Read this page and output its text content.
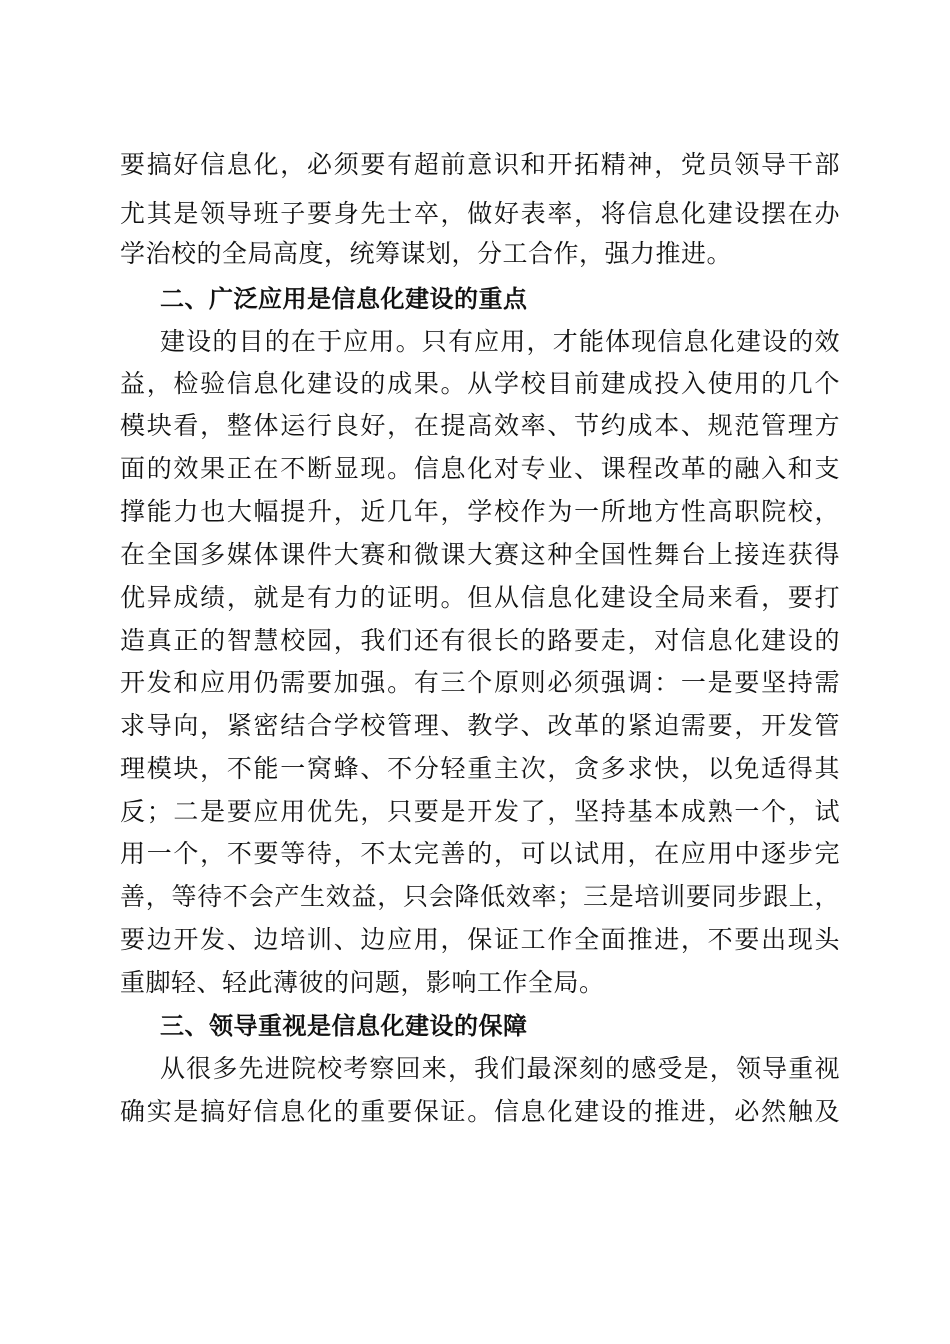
要搞好信息化，必须要有超前意识和开拓精神，党员领导干部
尤其是领导班子要身先士卒，做好表率，将信息化建设摆在办
学治校的全局高度，统筹谋划，分工合作，强力推进。
二、广泛应用是信息化建设的重点
建设的目的在于应用。只有应用，才能体现信息化建设的效
益，检验信息化建设的成果。从学校目前建成投入使用的几个
模块看，整体运行良好，在提高效率、节约成本、规范管理方
面的效果正在不断显现。信息化对专业、课程改革的融入和支
撑能力也大幅提升，近几年，学校作为一所地方性高职院校，
在全国多媒体课件大赛和微课大赛这种全国性舞台上接连获得
优异成绩，就是有力的证明。但从信息化建设全局来看，要打
造真正的智慧校园，我们还有很长的路要走，对信息化建设的
开发和应用仍需要加强。有三个原则必须强调：一是要坚持需
求导向，紧密结合学校管理、教学、改革的紧迫需要，开发管
理模块，不能一窝蜂、不分轻重主次，贪多求快，以免适得其
反；二是要应用优先，只要是开发了，坚持基本成熟一个，试
用一个，不要等待，不太完善的，可以试用，在应用中逐步完
善，等待不会产生效益，只会降低效率；三是培训要同步跟上，
要边开发、边培训、边应用，保证工作全面推进，不要出现头
重脚轻、轻此薄彼的问题，影响工作全局。
三、领导重视是信息化建设的保障
从很多先进院校考察回来，我们最深刻的感受是，领导重视
确实是搞好信息化的重要保证。信息化建设的推进，必然触及
